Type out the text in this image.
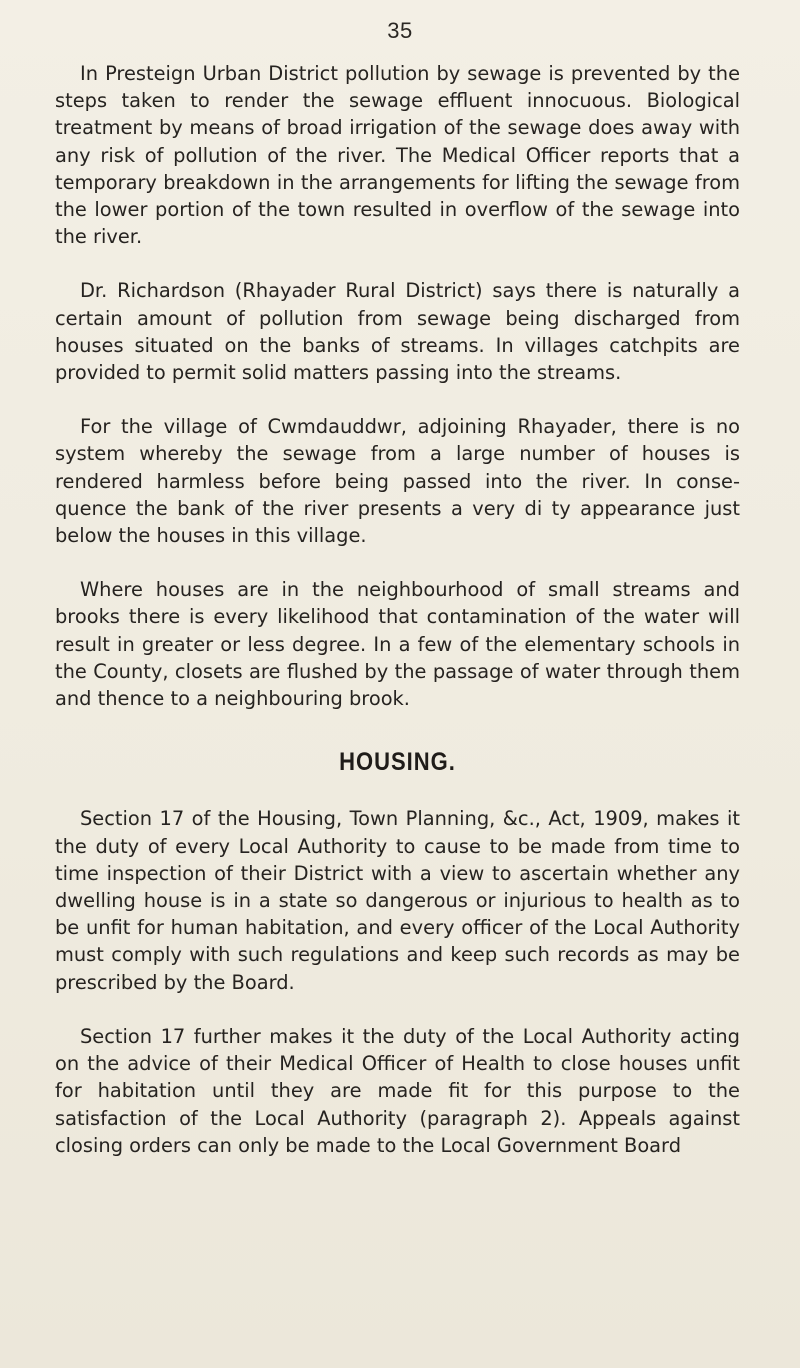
35

In Presteign Urban District pollution by sewage is prevented by the steps taken to render the sewage effluent innocuous. Biological treatment by means of broad irrigation of the sewage does away with any risk of pollution of the river. The Medical Officer reports that a temporary breakdown in the arrangements for lifting the sewage from the lower portion of the town resulted in overflow of the sewage into the river.

Dr. Richardson (Rhayader Rural District) says there is naturally a certain amount of pollution from sewage being discharged from houses situated on the banks of streams. In villages catchpits are provided to permit solid matters passing into the streams.

For the village of Cwmdauddwr, adjoining Rhayader, there is no system whereby the sewage from a large number of houses is rendered harmless before being passed into the river. In conse- quence the bank of the river presents a very di ty appearance just below the houses in this village.

Where houses are in the neighbourhood of small streams and brooks there is every likelihood that contamination of the water will result in greater or less degree. In a few of the elementary schools in the County, closets are flushed by the passage of water through them and thence to a neighbouring brook.

HOUSING.

Section 17 of the Housing, Town Planning, &c., Act, 1909, makes it the duty of every Local Authority to cause to be made from time to time inspection of their District with a view to ascertain whether any dwelling house is in a state so dangerous or injurious to health as to be unfit for human habitation, and every officer of the Local Authority must comply with such regulations and keep such records as may be prescribed by the Board.

Section 17 further makes it the duty of the Local Authority acting on the advice of their Medical Officer of Health to close houses unfit for habitation until they are made fit for this purpose to the satisfaction of the Local Authority (paragraph 2). Appeals against closing orders can only be made to the Local Government Board
